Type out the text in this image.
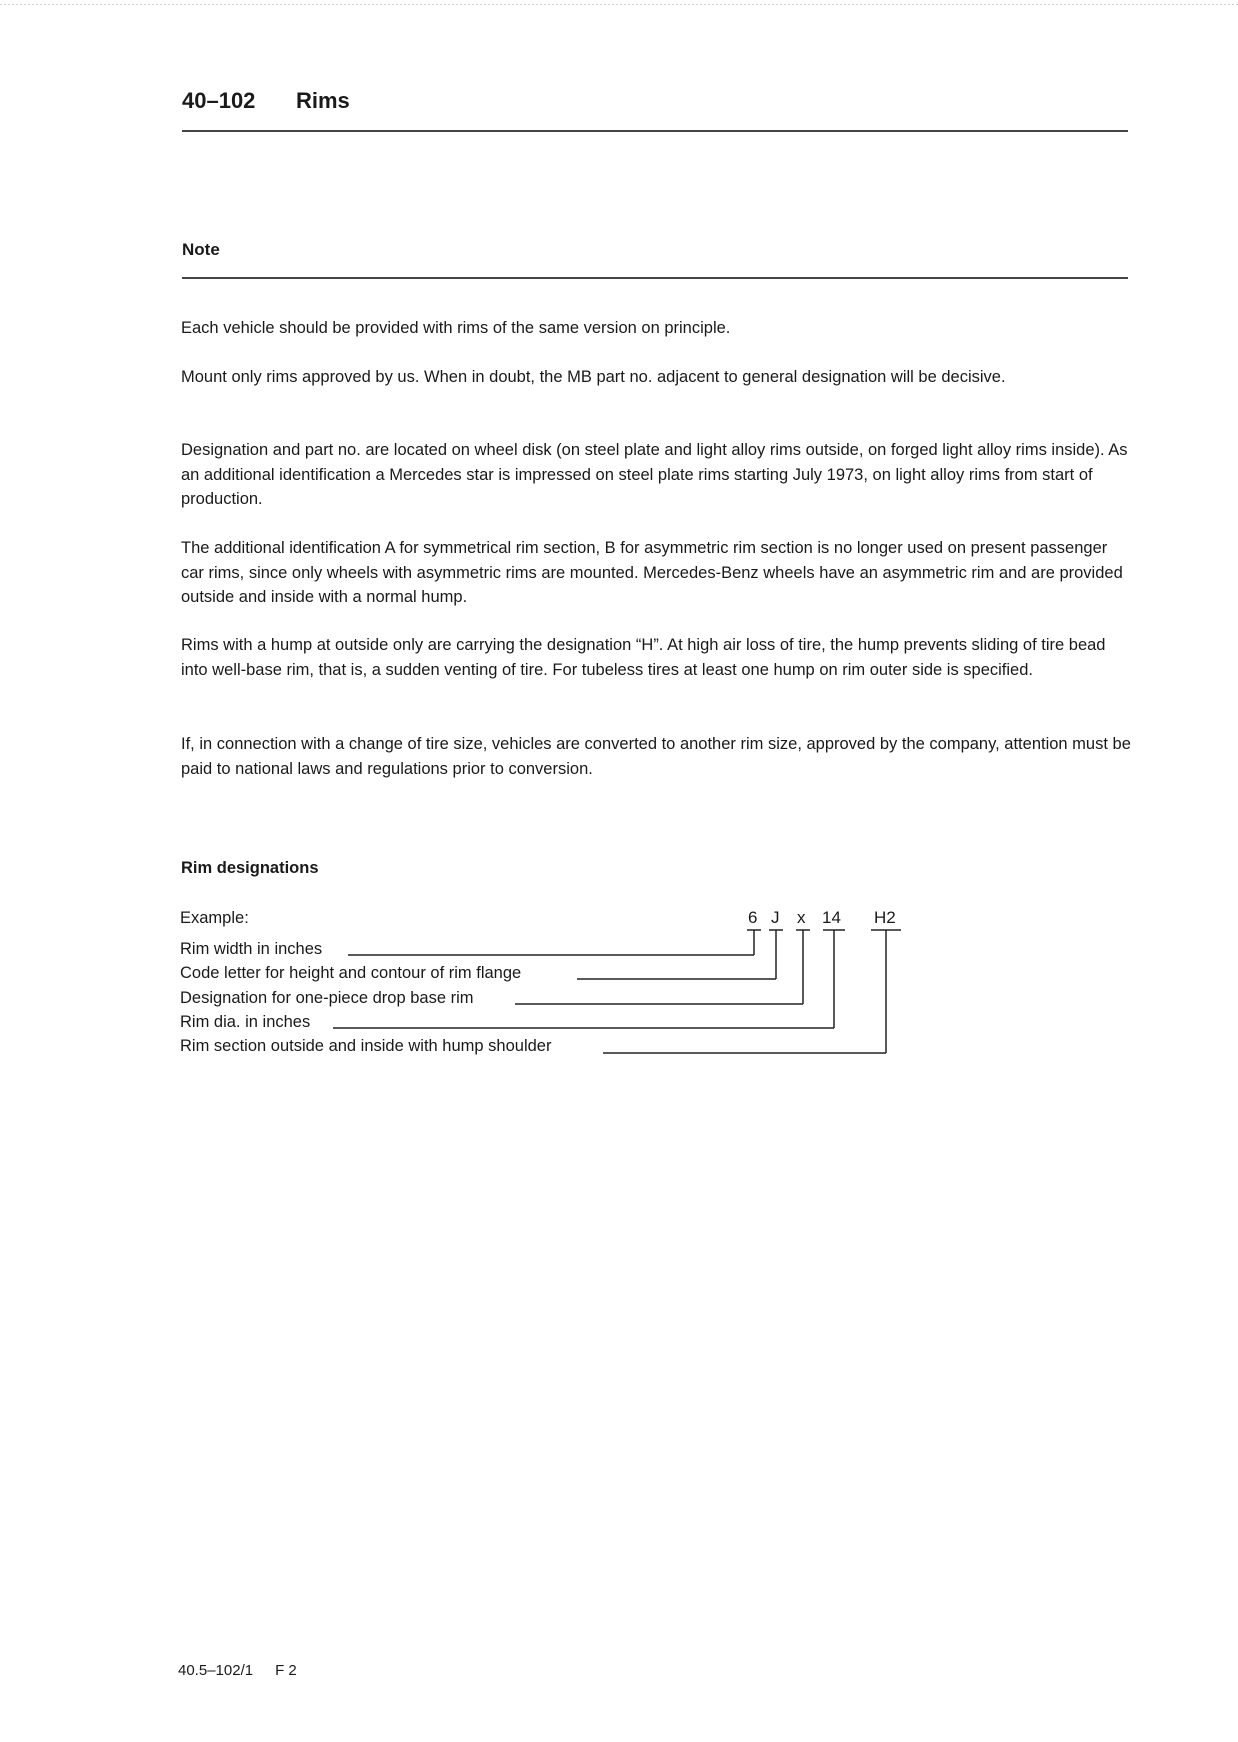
40–102 Rims
Note

Each vehicle should be provided with rims of the same version on principle.

Mount only rims approved by us. When in doubt, the MB part no. adjacent to general designation will be decisive.

Designation and part no. are located on wheel disk (on steel plate and light alloy rims outside, on forged light alloy rims inside). As an additional identification a Mercedes star is impressed on steel plate rims starting July 1973, on light alloy rims from start of production.

The additional identification A for symmetrical rim section, B for asymmetric rim section is no longer used on present passenger car rims, since only wheels with asymmetric rims are mounted. Mercedes-Benz wheels have an asymmetric rim and are provided outside and inside with a normal hump.

Rims with a hump at outside only are carrying the designation “H”. At high air loss of tire, the hump prevents sliding of tire bead into well-base rim, that is, a sudden venting of tire. For tubeless tires at least one hump on rim outer side is specified.

If, in connection with a change of tire size, vehicles are converted to another rim size, approved by the company, attention must be paid to national laws and regulations prior to conversion.

Rim designations
Example:	6 J x 14 H2
Rim width in inches
Code letter for height and contour of rim flange
Designation for one-piece drop base rim
Rim dia. in inches
Rim section outside and inside with hump shoulder
40.5–102/1 F 2
